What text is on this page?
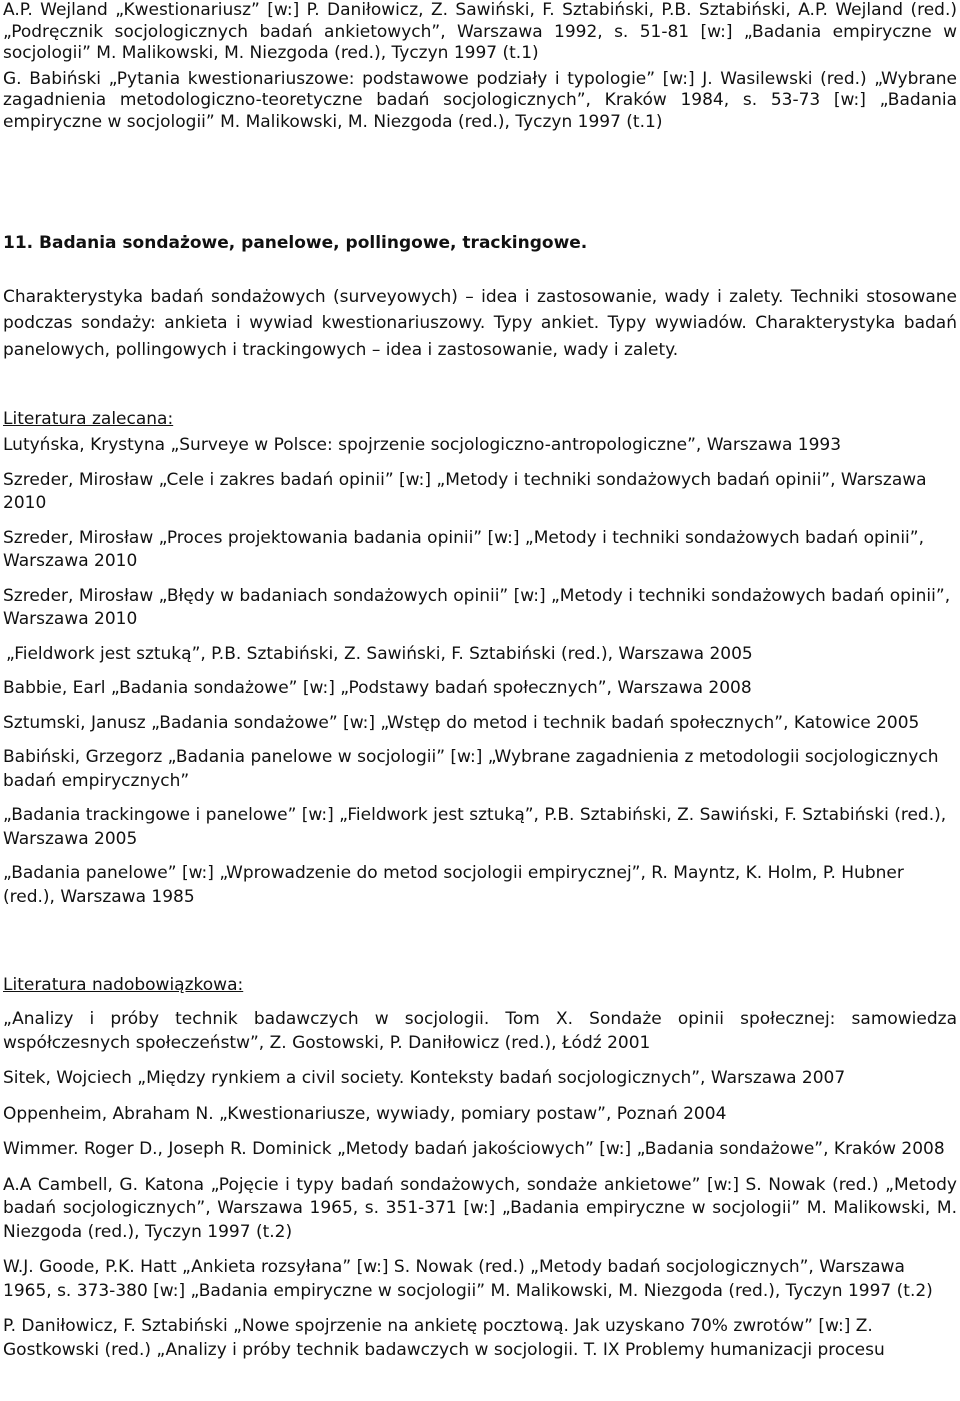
A.P. Wejland „Kwestionariusz” [w:] P. Daniłowicz, Z. Sawiński, F. Sztabiński, P.B. Sztabiński, A.P. Wejland (red.) „Podręcznik socjologicznych badań ankietowych”, Warszawa 1992, s. 51-81 [w:] „Badania empiryczne w socjologii” M. Malikowski, M. Niezgoda (red.), Tyczyn 1997 (t.1)

G. Babiński „Pytania kwestionariuszowe: podstawowe podziały i typologie” [w:] J. Wasilewski (red.) „Wybrane zagadnienia metodologiczno-teoretyczne badań socjologicznych”, Kraków 1984, s. 53-73 [w:] „Badania empiryczne w socjologii” M. Malikowski, M. Niezgoda (red.), Tyczyn 1997 (t.1)

11. Badania sondażowe, panelowe, pollingowe, trackingowe.

Charakterystyka badań sondażowych (surveyowych) – idea i zastosowanie, wady i zalety. Techniki stosowane podczas sondaży: ankieta i wywiad kwestionariuszowy. Typy ankiet. Typy wywiadów. Charakterystyka badań panelowych, pollingowych i trackingowych – idea i zastosowanie, wady i zalety.

Literatura zalecana:

Lutyńska, Krystyna „Surveye w Polsce: spojrzenie socjologiczno-antropologiczne”, Warszawa 1993

Szreder, Mirosław „Cele i zakres badań opinii” [w:] „Metody i techniki sondażowych badań opinii”, Warszawa 2010

Szreder, Mirosław „Proces projektowania badania opinii” [w:] „Metody i techniki sondażowych badań opinii”, Warszawa 2010

Szreder, Mirosław „Błędy w badaniach sondażowych opinii” [w:] „Metody i techniki sondażowych badań opinii”, Warszawa 2010

„Fieldwork jest sztuką”, P.B. Sztabiński, Z. Sawiński, F. Sztabiński (red.), Warszawa 2005

Babbie, Earl „Badania sondażowe” [w:] „Podstawy badań społecznych”, Warszawa 2008

Sztumski, Janusz „Badania sondażowe” [w:] „Wstęp do metod i technik badań społecznych”, Katowice 2005

Babiński, Grzegorz „Badania panelowe w socjologii” [w:] „Wybrane zagadnienia z metodologii socjologicznych badań empirycznych”

„Badania trackingowe i panelowe” [w:] „Fieldwork jest sztuką”, P.B. Sztabiński, Z. Sawiński, F. Sztabiński (red.), Warszawa 2005

„Badania panelowe” [w:] „Wprowadzenie do metod socjologii empirycznej”, R. Mayntz, K. Holm, P. Hubner (red.), Warszawa 1985

Literatura nadobowiązkowa:

„Analizy i próby technik badawczych w socjologii. Tom X. Sondaże opinii społecznej: samowiedza współczesnych społeczeństw”, Z. Gostowski, P. Daniłowicz (red.), Łódź 2001

Sitek, Wojciech „Między rynkiem a civil society. Konteksty badań socjologicznych”, Warszawa 2007

Oppenheim, Abraham N. „Kwestionariusze, wywiady, pomiary postaw”, Poznań 2004

Wimmer. Roger D., Joseph R. Dominick „Metody badań jakościowych” [w:] „Badania sondażowe”, Kraków 2008

A.A Cambell, G. Katona „Pojęcie i typy badań sondażowych, sondaże ankietowe” [w:] S. Nowak (red.) „Metody badań socjologicznych”, Warszawa 1965, s. 351-371 [w:] „Badania empiryczne w socjologii” M. Malikowski, M. Niezgoda (red.), Tyczyn 1997 (t.2)

W.J. Goode, P.K. Hatt „Ankieta rozsyłana” [w:] S. Nowak (red.) „Metody badań socjologicznych”, Warszawa 1965, s. 373-380 [w:] „Badania empiryczne w socjologii” M. Malikowski, M. Niezgoda (red.), Tyczyn 1997 (t.2)

P. Daniłowicz, F. Sztabiński „Nowe spojrzenie na ankietę pocztową. Jak uzyskano 70% zwrotów” [w:] Z. Gostkowski (red.) „Analizy i próby technik badawczych w socjologii. T. IX Problemy humanizacji procesu
